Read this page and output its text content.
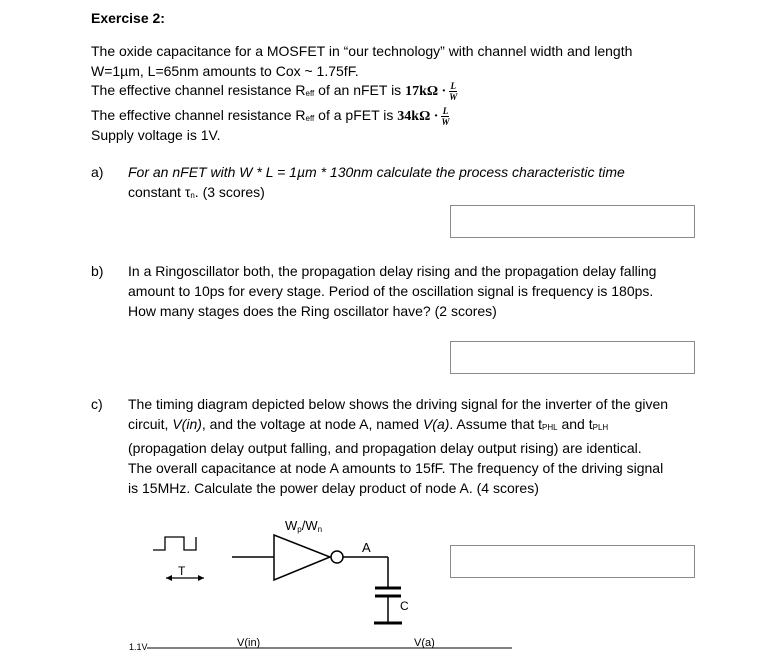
Exercise 2:
The oxide capacitance for a MOSFET in “our technology” with channel width and length
W=1µm, L=65nm amounts to Cox ~ 1.75fF.
The effective channel resistance Reff of an nFET is $17k\Omega \cdot \frac{L}{W}$
The effective channel resistance Reff of a pFET is $34k\Omega \cdot \frac{L}{W}$
Supply voltage is 1V.
a) For an nFET with W * L = 1µm * 130nm calculate the process characteristic time
constant τn. (3 scores)
b) In a Ringoscillator both, the propagation delay rising and the propagation delay falling
amount to 10ps for every stage. Period of the oscillation signal is frequency is 180ps.
How many stages does the Ring oscillator have? (2 scores)
c) The timing diagram depicted below shows the driving signal for the inverter of the given
circuit, V(in), and the voltage at node A, named V(a). Assume that tPHL and tPLH
(propagation delay output falling, and propagation delay output rising) are identical.
The overall capacitance at node A amounts to 15fF. The frequency of the driving signal
is 15MHz. Calculate the power delay product of node A. (4 scores)
T
Wp/Wn
A
C
1.1V	V(in)	V(a)
